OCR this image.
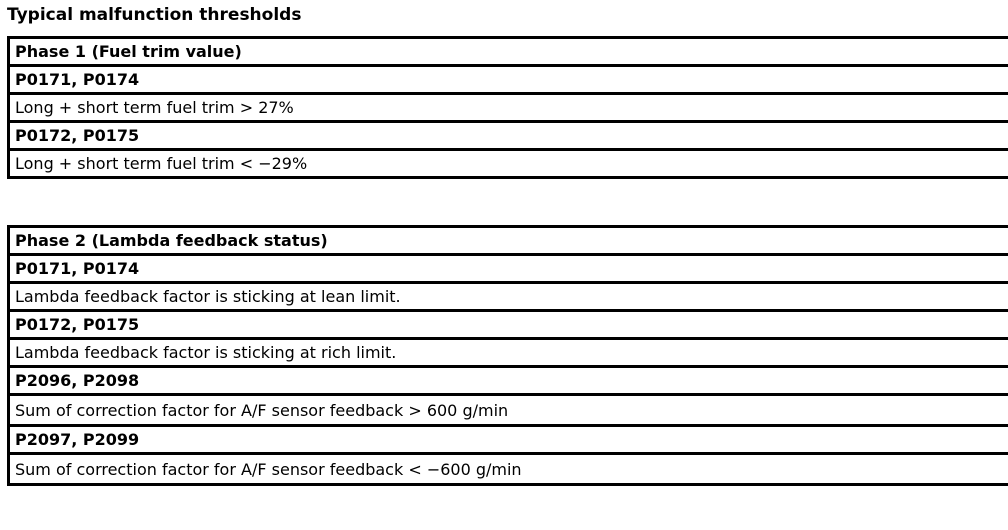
Typical malfunction thresholds
Phase 1 (Fuel trim value)
P0171, P0174
Long + short term fuel trim > 27%
P0172, P0175
Long + short term fuel trim < −29%
Phase 2 (Lambda feedback status)
P0171, P0174
Lambda feedback factor is sticking at lean limit.
P0172, P0175
Lambda feedback factor is sticking at rich limit.
P2096, P2098
Sum of correction factor for A/F sensor feedback > 600 g/min
P2097, P2099
Sum of correction factor for A/F sensor feedback < −600 g/min
